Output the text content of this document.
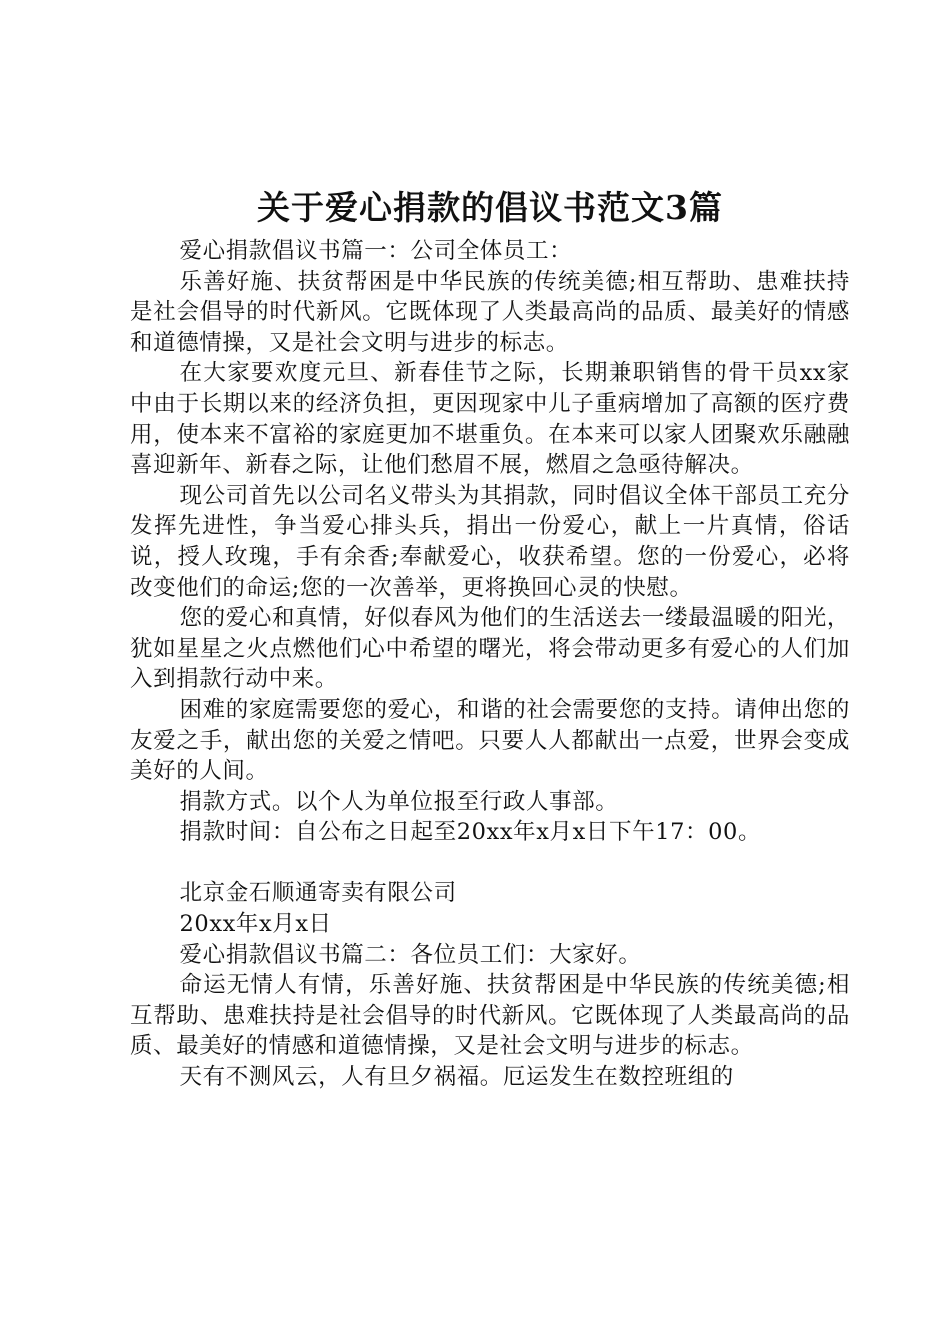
关于爱心捐款的倡议书范文3篇

爱心捐款倡议书篇一：公司全体员工：

乐善好施、扶贫帮困是中华民族的传统美德;相互帮助、患难扶持是社会倡导的时代新风。它既体现了人类最高尚的品质、最美好的情感和道德情操，又是社会文明与进步的标志。

在大家要欢度元旦、新春佳节之际，长期兼职销售的骨干员xx家中由于长期以来的经济负担，更因现家中儿子重病增加了高额的医疗费用，使本来不富裕的家庭更加不堪重负。在本来可以家人团聚欢乐融融喜迎新年、新春之际，让他们愁眉不展，燃眉之急亟待解决。

现公司首先以公司名义带头为其捐款，同时倡议全体干部员工充分发挥先进性，争当爱心排头兵，捐出一份爱心，献上一片真情，俗话说，授人玫瑰，手有余香;奉献爱心，收获希望。您的一份爱心，必将改变他们的命运;您的一次善举，更将换回心灵的快慰。

您的爱心和真情，好似春风为他们的生活送去一缕最温暖的阳光，犹如星星之火点燃他们心中希望的曙光，将会带动更多有爱心的人们加入到捐款行动中来。

困难的家庭需要您的爱心，和谐的社会需要您的支持。请伸出您的友爱之手，献出您的关爱之情吧。只要人人都献出一点爱，世界会变成美好的人间。

捐款方式。以个人为单位报至行政人事部。

捐款时间：自公布之日起至20xx年x月x日下午17：00。

北京金石顺通寄卖有限公司

20xx年x月x日

爱心捐款倡议书篇二：各位员工们：大家好。

命运无情人有情，乐善好施、扶贫帮困是中华民族的传统美德;相互帮助、患难扶持是社会倡导的时代新风。它既体现了人类最高尚的品质、最美好的情感和道德情操，又是社会文明与进步的标志。

天有不测风云，人有旦夕祸福。厄运发生在数控班组的
